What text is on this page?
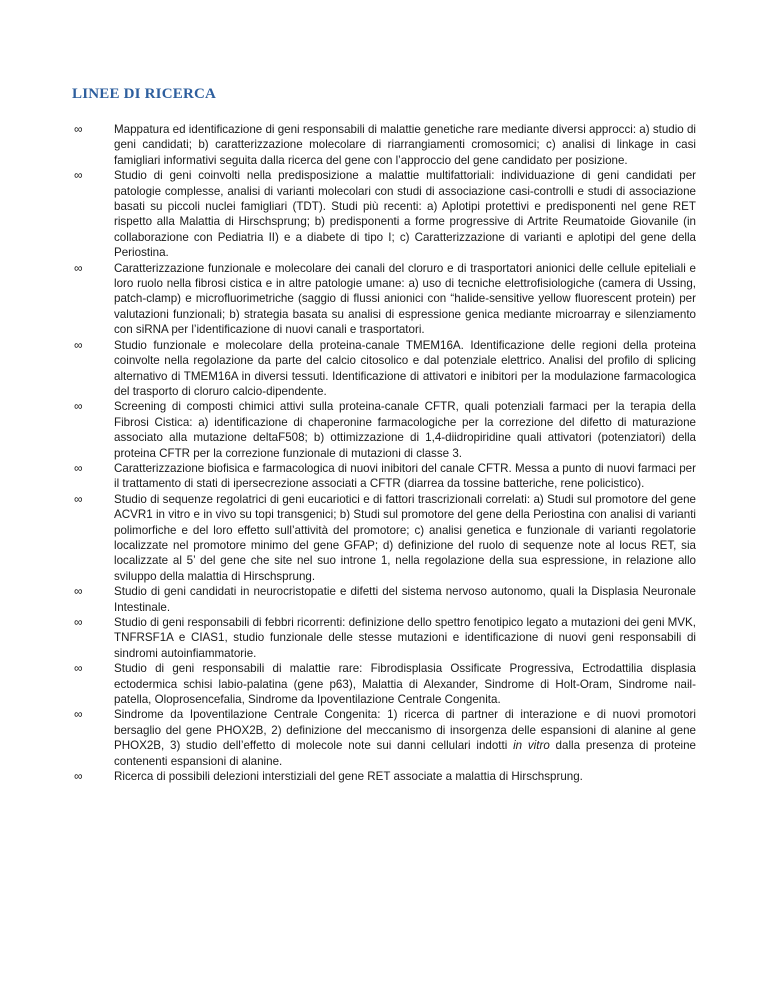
LINEE DI RICERCA
∞	Mappatura ed identificazione di geni responsabili di malattie genetiche rare mediante diversi approcci: a) studio di geni candidati; b) caratterizzazione molecolare di riarrangiamenti cromosomici; c) analisi di linkage in casi famigliari informativi seguita dalla ricerca del gene con l’approccio del gene candidato per posizione.
∞	Studio di geni coinvolti nella predisposizione a malattie multifattoriali: individuazione di geni candidati per patologie complesse, analisi di varianti molecolari con studi di associazione casi-controlli e studi di associazione basati su piccoli nuclei famigliari (TDT). Studi più recenti: a) Aplotipi protettivi e predisponenti nel gene RET rispetto alla Malattia di Hirschsprung; b) predisponenti a forme progressive di Artrite Reumatoide Giovanile (in collaborazione con Pediatria II) e a diabete di tipo I; c) Caratterizzazione di varianti e aplotipi del gene della Periostina.
∞	Caratterizzazione funzionale e molecolare dei canali del cloruro e di trasportatori anionici delle cellule epiteliali e loro ruolo nella fibrosi cistica e in altre patologie umane: a) uso di tecniche elettrofisiologiche (camera di Ussing, patch-clamp) e microfluorimetriche (saggio di flussi anionici con “halide-sensitive yellow fluorescent protein) per valutazioni funzionali; b) strategia basata su analisi di espressione genica mediante microarray e silenziamento con siRNA per l’identificazione di nuovi canali e trasportatori.
∞	Studio funzionale e molecolare della proteina-canale TMEM16A. Identificazione delle regioni della proteina coinvolte nella regolazione da parte del calcio citosolico e dal potenziale elettrico. Analisi del profilo di splicing alternativo di TMEM16A in diversi tessuti. Identificazione di attivatori e inibitori per la modulazione farmacologica del trasporto di cloruro calcio-dipendente.
∞	Screening di composti chimici attivi sulla proteina-canale CFTR, quali potenziali farmaci per la terapia della Fibrosi Cistica: a) identificazione di chaperonine farmacologiche per la correzione del difetto di maturazione associato alla mutazione deltaF508; b) ottimizzazione di 1,4-diidropiridine quali attivatori (potenziatori) della proteina CFTR per la correzione funzionale di mutazioni di classe 3.
∞	Caratterizzazione biofisica e farmacologica di nuovi inibitori del canale CFTR. Messa a punto di nuovi farmaci per il trattamento di stati di ipersecrezione associati a CFTR (diarrea da tossine batteriche, rene policistico).
∞	Studio di sequenze regolatrici di geni eucariotici e di fattori trascrizionali correlati: a) Studi sul promotore del gene ACVR1 in vitro e in vivo su topi transgenici; b) Studi sul promotore del gene della Periostina con analisi di varianti polimorfiche e del loro effetto sull’attività del promotore; c) analisi genetica e funzionale di varianti regolatorie localizzate nel promotore minimo del gene GFAP; d) definizione del ruolo di sequenze note al locus RET, sia localizzate al 5’ del gene che site nel suo introne 1, nella regolazione della sua espressione, in relazione allo sviluppo della malattia di Hirschsprung.
∞	Studio di geni candidati in neurocristopatie e difetti del sistema nervoso autonomo, quali la Displasia Neuronale Intestinale.
∞	Studio di geni responsabili di febbri ricorrenti: definizione dello spettro fenotipico legato a mutazioni dei geni MVK, TNFRSF1A e CIAS1, studio funzionale delle stesse mutazioni e identificazione di nuovi geni responsabili di sindromi autoinfiammatorie.
∞	Studio di geni responsabili di malattie rare: Fibrodisplasia Ossificate Progressiva, Ectrodattilia displasia ectodermica schisi labio-palatina (gene p63), Malattia di Alexander, Sindrome di Holt-Oram, Sindrome nail-patella, Oloprosencefalia, Sindrome da Ipoventilazione Centrale Congenita.
∞	Sindrome da Ipoventilazione Centrale Congenita: 1) ricerca di partner di interazione e di nuovi promotori bersaglio del gene PHOX2B, 2) definizione del meccanismo di insorgenza delle espansioni di alanine al gene PHOX2B, 3) studio dell’effetto di molecole note sui danni cellulari indotti in vitro dalla presenza di proteine contenenti espansioni di alanine.
∞	Ricerca di possibili delezioni interstiziali del gene RET associate a malattia di Hirschsprung.
